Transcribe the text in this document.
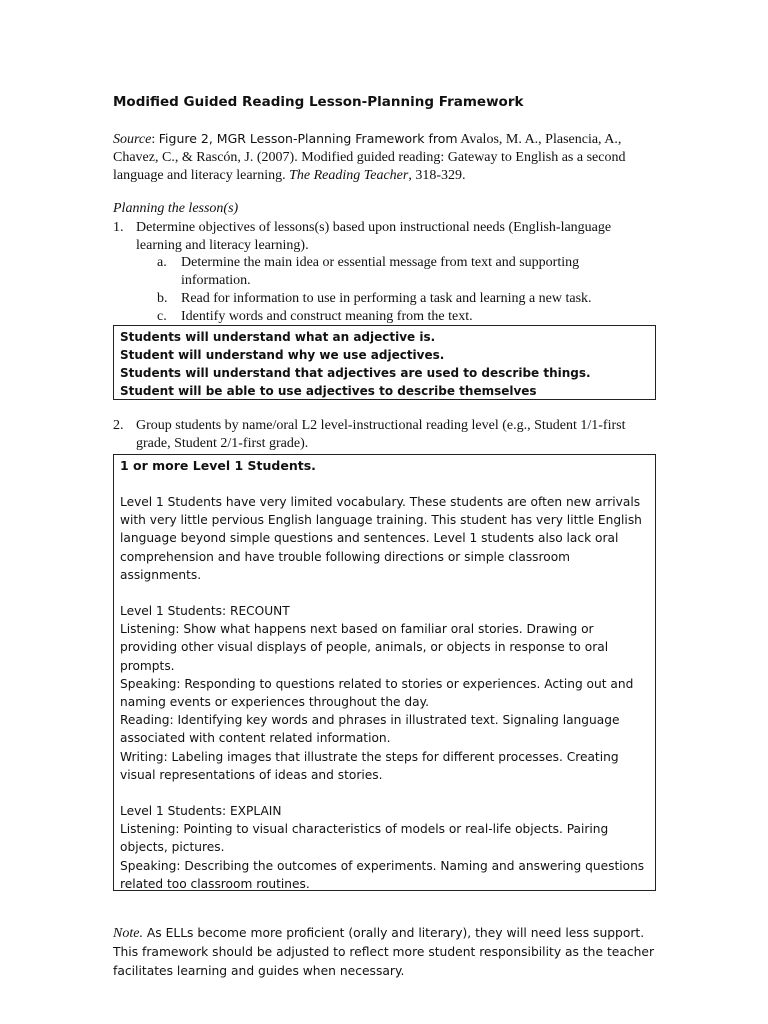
Modified Guided Reading Lesson-Planning Framework
Source: Figure 2, MGR Lesson-Planning Framework from Avalos, M. A., Plasencia, A., Chavez, C., & Rascón, J. (2007). Modified guided reading: Gateway to English as a second language and literacy learning. The Reading Teacher, 318-329.
Planning the lesson(s)
1. Determine objectives of lessons(s) based upon instructional needs (English-language learning and literacy learning).
a. Determine the main idea or essential message from text and supporting information.
b. Read for information to use in performing a task and learning a new task.
c. Identify words and construct meaning from the text.
Students will understand what an adjective is.
Student will understand why we use adjectives.
Students will understand that adjectives are used to describe things.
Student will be able to use adjectives to describe themselves
2. Group students by name/oral L2 level-instructional reading level (e.g., Student 1/1-first grade, Student 2/1-first grade).
1 or more Level 1 Students.

Level 1 Students have very limited vocabulary. These students are often new arrivals with very little pervious English language training. This student has very little English language beyond simple questions and sentences. Level 1 students also lack oral comprehension and have trouble following directions or simple classroom assignments.

Level 1 Students: RECOUNT

Listening: Show what happens next based on familiar oral stories. Drawing or providing other visual displays of people, animals, or objects in response to oral prompts.

Speaking: Responding to questions related to stories or experiences. Acting out and naming events or experiences throughout the day.

Reading: Identifying key words and phrases in illustrated text. Signaling language associated with content related information.

Writing: Labeling images that illustrate the steps for different processes. Creating visual representations of ideas and stories.

Level 1 Students: EXPLAIN

Listening: Pointing to visual characteristics of models or real-life objects. Pairing objects, pictures.

Speaking: Describing the outcomes of experiments. Naming and answering questions related too classroom routines.

Note. As ELLs become more proficient (orally and literary), they will need less support. This framework should be adjusted to reflect more student responsibility as the teacher facilitates learning and guides when necessary.
